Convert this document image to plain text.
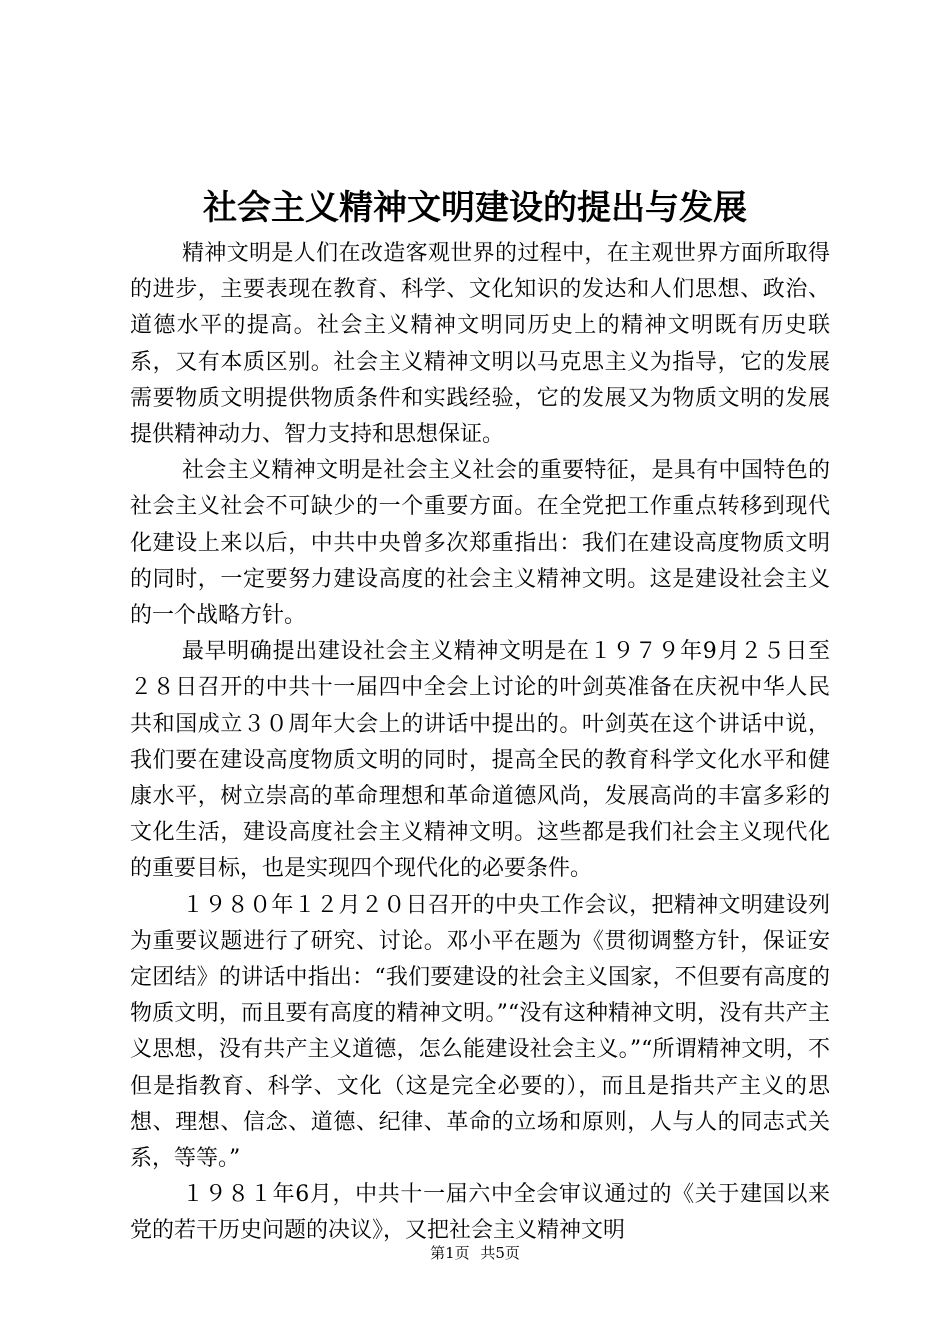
社会主义精神文明建设的提出与发展

精神文明是人们在改造客观世界的过程中，在主观世界方面所取得的进步，主要表现在教育、科学、文化知识的发达和人们思想、政治、道德水平的提高。社会主义精神文明同历史上的精神文明既有历史联系，又有本质区别。社会主义精神文明以马克思主义为指导，它的发展需要物质文明提供物质条件和实践经验，它的发展又为物质文明的发展提供精神动力、智力支持和思想保证。

社会主义精神文明是社会主义社会的重要特征，是具有中国特色的社会主义社会不可缺少的一个重要方面。在全党把工作重点转移到现代化建设上来以后，中共中央曾多次郑重指出：我们在建设高度物质文明的同时，一定要努力建设高度的社会主义精神文明。这是建设社会主义的一个战略方针。

最早明确提出建设社会主义精神文明是在１９７９年9月２５日至２８日召开的中共十一届四中全会上讨论的叶剑英准备在庆祝中华人民共和国成立３０周年大会上的讲话中提出的。叶剑英在这个讲话中说，我们要在建设高度物质文明的同时，提高全民的教育科学文化水平和健康水平，树立崇高的革命理想和革命道德风尚，发展高尚的丰富多彩的文化生活，建设高度社会主义精神文明。这些都是我们社会主义现代化的重要目标，也是实现四个现代化的必要条件。

１９８０年１２月２０日召开的中央工作会议，把精神文明建设列为重要议题进行了研究、讨论。邓小平在题为《贯彻调整方针，保证安定团结》的讲话中指出：“我们要建设的社会主义国家，不但要有高度的物质文明，而且要有高度的精神文明。”“没有这种精神文明，没有共产主义思想，没有共产主义道德，怎么能建设社会主义。”“所谓精神文明，不但是指教育、科学、文化（这是完全必要的），而且是指共产主义的思想、理想、信念、道德、纪律、革命的立场和原则，人与人的同志式关系，等等。”

１９８１年6月，中共十一届六中全会审议通过的《关于建国以来党的若干历史问题的决议》，又把社会主义精神文明

第1页 共5页
